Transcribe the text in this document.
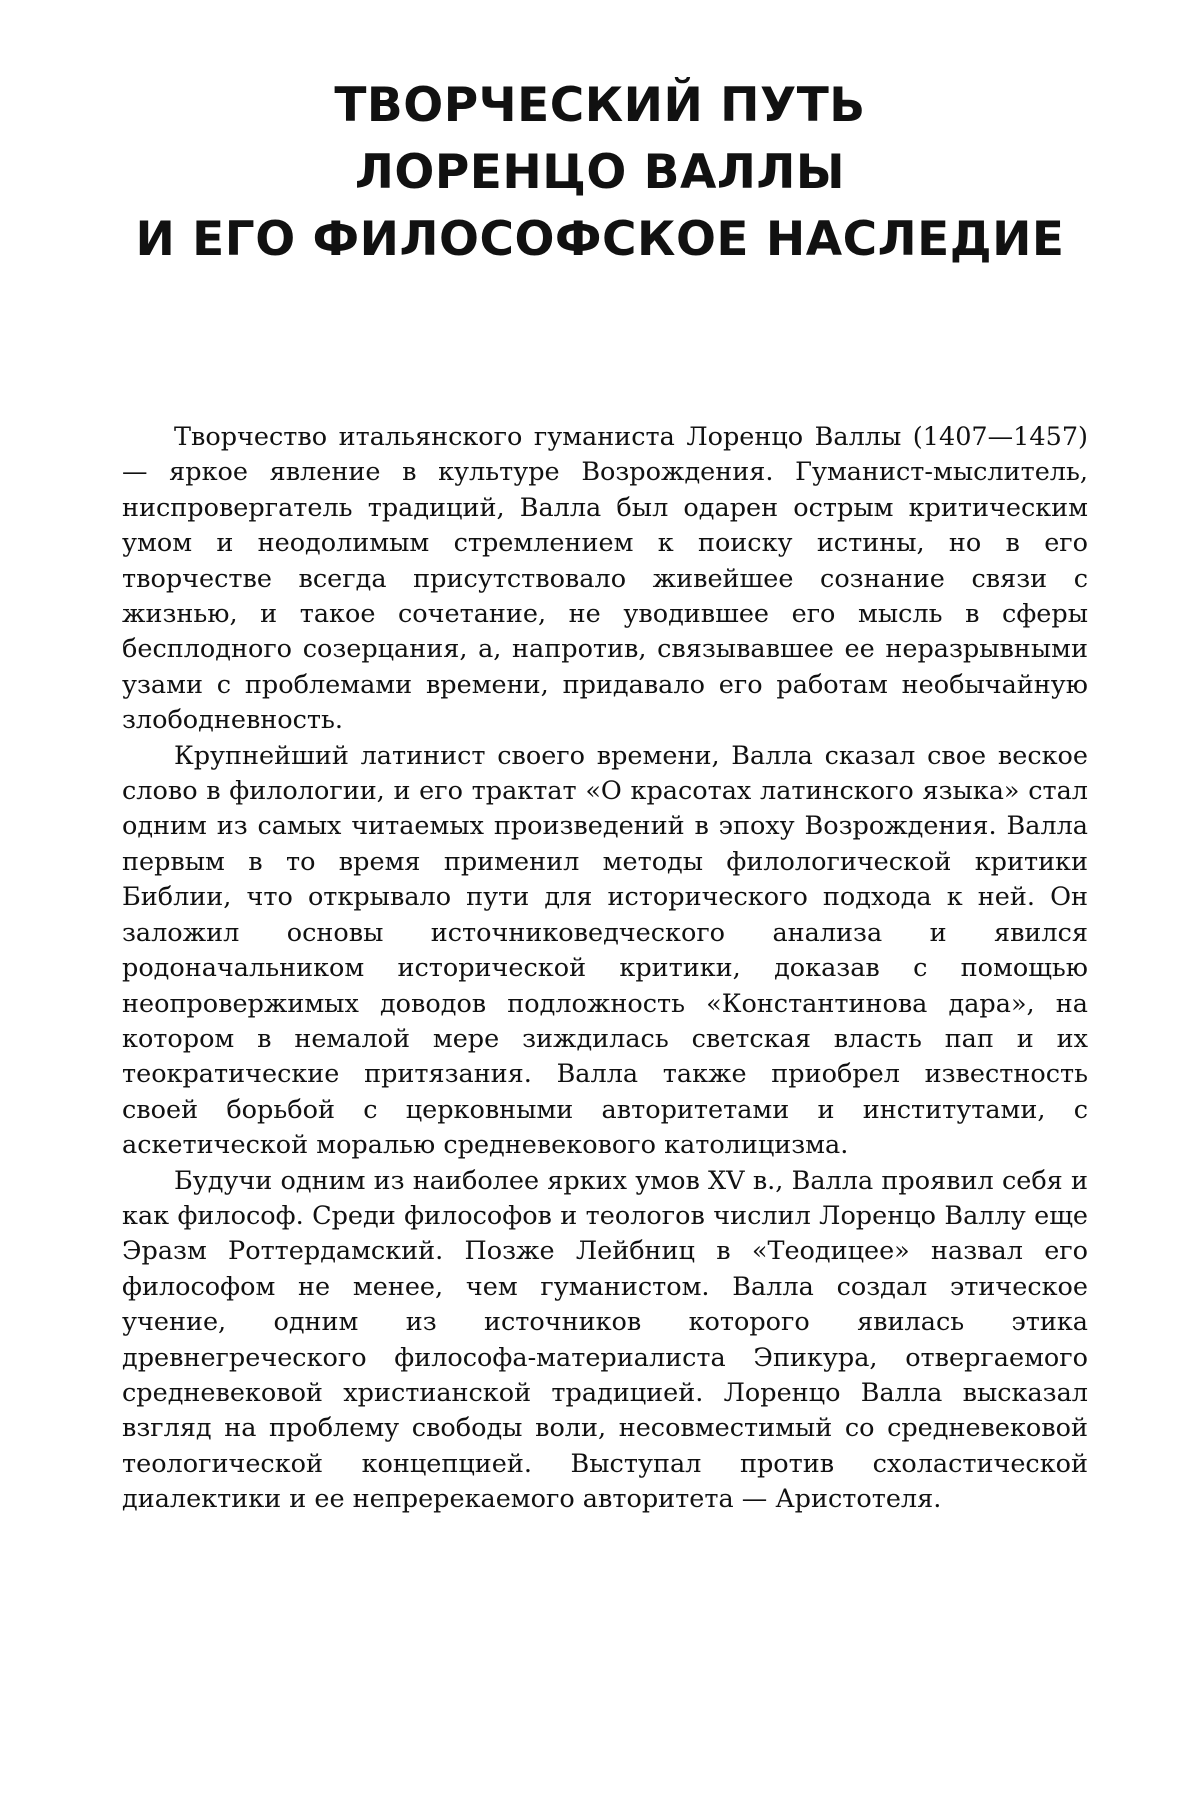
ТВОРЧЕСКИЙ ПУТЬ
ЛОРЕНЦО ВАЛЛЫ
И ЕГО ФИЛОСОФСКОЕ НАСЛЕДИЕ

Творчество итальянского гуманиста Лоренцо Валлы (1407—1457) — яркое явление в культуре Возрождения. Гуманист-мыслитель, ниспровергатель традиций, Валла был одарен острым критическим умом и неодолимым стремлением к поиску истины, но в его творчестве всегда присутствовало живейшее сознание связи с жизнью, и такое сочетание, не уводившее его мысль в сферы бесплодного созерцания, а, напротив, связывавшее ее неразрывными узами с проблемами времени, придавало его работам необычайную злободневность.

Крупнейший латинист своего времени, Валла сказал свое веское слово в филологии, и его трактат «О красотах латинского языка» стал одним из самых читаемых произведений в эпоху Возрождения. Валла первым в то время применил методы филологической критики Библии, что открывало пути для исторического подхода к ней. Он заложил основы источниковедческого анализа и явился родоначальником исторической критики, доказав с помощью неопровержимых доводов подложность «Константинова дара», на котором в немалой мере зиждилась светская власть пап и их теократические притязания. Валла также приобрел известность своей борьбой с церковными авторитетами и институтами, с аскетической моралью средневекового католицизма.

Будучи одним из наиболее ярких умов XV в., Валла проявил себя и как философ. Среди философов и теологов числил Лоренцо Валлу еще Эразм Роттердамский. Позже Лейбниц в «Теодицее» назвал его философом не менее, чем гуманистом. Валла создал этическое учение, одним из источников которого явилась этика древнегреческого философа-материалиста Эпикура, отвергаемого средневековой христианской традицией. Лоренцо Валла высказал взгляд на проблему свободы воли, несовместимый со средневековой теологической концепцией. Выступал против схоластической диалектики и ее непререкаемого авторитета — Аристотеля.
